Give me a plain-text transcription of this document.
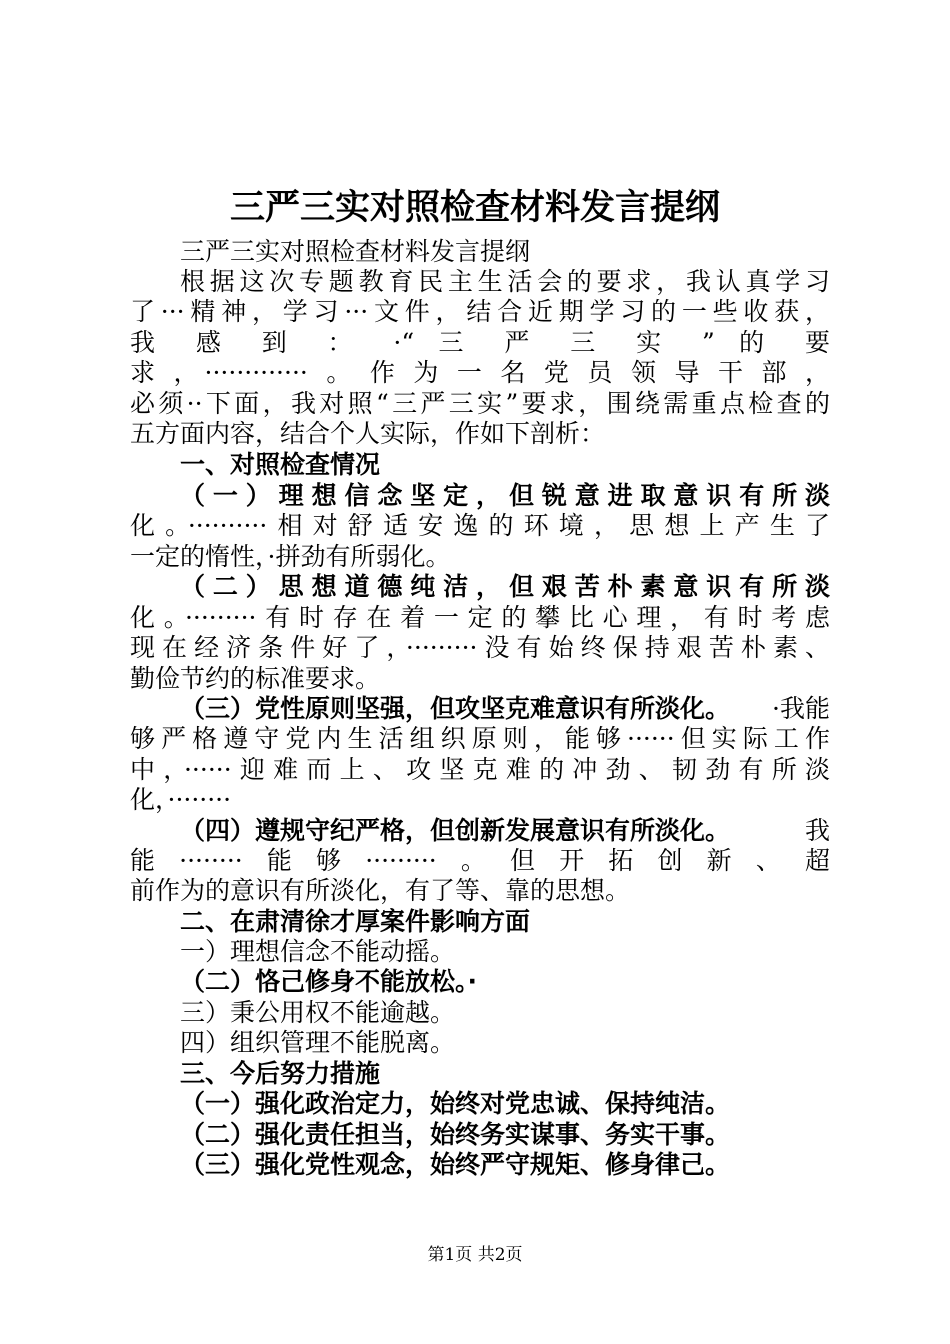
三严三实对照检查材料发言提纲
三严三实对照检查材料发言提纲
根据这次专题教育民主生活会的要求，我认真学习
了···精神，学习···文件，结合近期学习的一些收获，
我 感 到 ： ·“ 三 严 三 实 ” 的 要
求，·············。作为一名党员领导干部，
必须··下面，我对照“三严三实”要求，围绕需重点检查的
五方面内容，结合个人实际，作如下剖析：
一、对照检查情况
（一）理想信念坚定，但锐意进取意识有所淡
化。··········相对舒适安逸的环境，思想上产生了
一定的惰性，·拼劲有所弱化。
（二）思想道德纯洁，但艰苦朴素意识有所淡
化。·········有时存在着一定的攀比心理，有时考虑
现在经济条件好了，·········没有始终保持艰苦朴素、
勤俭节约的标准要求。
（三）党性原则坚强，但攻坚克难意识有所淡化。 ·我能
够严格遵守党内生活组织原则，能够······但实际工作
中，······迎难而上、攻坚克难的冲劲、韧劲有所淡
化，········
（四）遵规守纪严格，但创新发展意识有所淡化。	我
能········能够·········。但开拓创新、超
前作为的意识有所淡化，有了等、靠的思想。
二、在肃清徐才厚案件影响方面
一）理想信念不能动摇。
（二）恪己修身不能放松。·
三）秉公用权不能逾越。
四）组织管理不能脱离。
三、今后努力措施
（一）强化政治定力，始终对党忠诚、保持纯洁。
（二）强化责任担当，始终务实谋事、务实干事。
（三）强化党性观念，始终严守规矩、修身律己。
第1页 共2页
